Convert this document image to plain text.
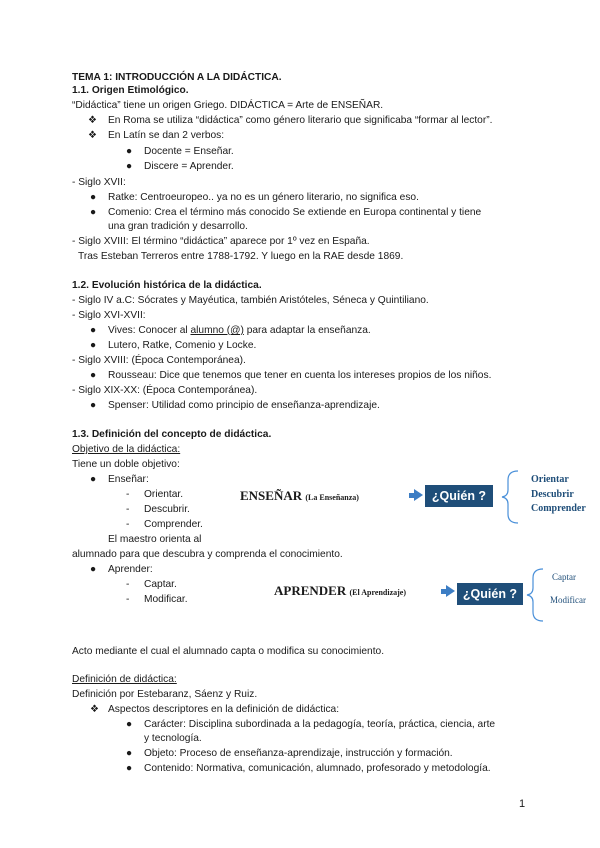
TEMA 1: INTRODUCCIÓN A LA DIDÁCTICA.
1.1. Origen Etimológico.
“Didáctica” tiene un origen Griego. DIDÁCTICA = Arte de ENSEÑAR.
❖ En Roma se utiliza “didáctica” como género literario que significaba “formar al lector”.
❖ En Latín se dan 2 verbos:
● Docente = Enseñar.
● Discere = Aprender.
- Siglo XVII:
● Ratke: Centroeuropeo.. ya no es un género literario, no significa eso.
● Comenio: Crea el término más conocido Se extiende en Europa continental y tiene
una gran tradición y desarrollo.
- Siglo XVIII: El término “didáctica” aparece por 1º vez en España.
Tras Esteban Terreros entre 1788-1792. Y luego en la RAE desde 1869.
1.2. Evolución histórica de la didáctica.
- Siglo IV a.C: Sócrates y Mayéutica, también Aristóteles, Séneca y Quintiliano.
- Siglo XVI-XVII:
● Vives: Conocer al alumno (@) para adaptar la enseñanza.
● Lutero, Ratke, Comenio y Locke.
- Siglo XVIII: (Época Contemporánea).
● Rousseau: Dice que tenemos que tener en cuenta los intereses propios de los niños.
- Siglo XIX-XX: (Época Contemporánea).
● Spenser: Utilidad como principio de enseñanza-aprendizaje.
1.3. Definición del concepto de didáctica.
Objetivo de la didáctica:
Tiene un doble objetivo:
● Enseñar:
- Orientar.
- Descubrir.
- Comprender.
El maestro orienta al
alumnado para que descubra y comprenda el conocimiento.
● Aprender:
- Captar.
- Modificar.
ENSEÑAR (La Enseñanza)	¿Quién ?
Orientar
Descubrir
Comprender
APRENDER (El Aprendizaje)	¿Quién ?
Captar
Modificar
Acto mediante el cual el alumnado capta o modifica su conocimiento.
Definición de didáctica:
Definición por Estebaranz, Sáenz y Ruiz.
❖ Aspectos descriptores en la definición de didáctica:
● Carácter: Disciplina subordinada a la pedagogía, teoría, práctica, ciencia, arte
y tecnología.
● Objeto: Proceso de enseñanza-aprendizaje, instrucción y formación.
● Contenido: Normativa, comunicación, alumnado, profesorado y metodología.
1
